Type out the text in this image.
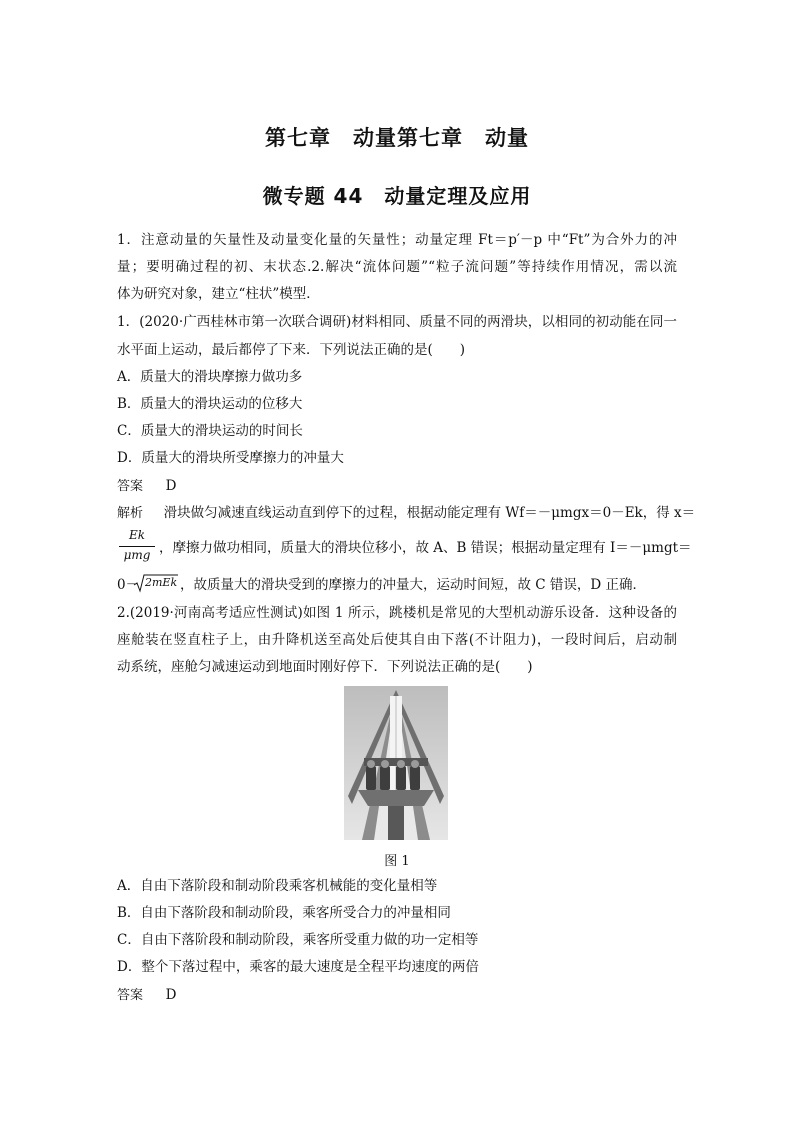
第七章　动量第七章　动量
微专题 44　动量定理及应用
1．注意动量的矢量性及动量变化量的矢量性；动量定理 Ft＝p′－p 中“Ft”为合外力的冲
量；要明确过程的初、末状态.2.解决“流体问题”“粒子流问题”等持续作用情况，需以流
体为研究对象，建立“柱状”模型．
1．(2020·广西桂林市第一次联合调研)材料相同、质量不同的两滑块，以相同的初动能在同一
水平面上运动，最后都停了下来．下列说法正确的是(　　)
A．质量大的滑块摩擦力做功多
B．质量大的滑块运动的位移大
C．质量大的滑块运动的时间长
D．质量大的滑块所受摩擦力的冲量大
答案 D
解析 滑块做匀减速直线运动直到停下的过程，根据动能定理有 Wf＝－μmgx＝0－Ek，得 x＝
Ek
μmg ，摩擦力做功相同，质量大的滑块位移小，故 A、B 错误；根据动量定理有 I＝－μmgt＝
0－ 2mEk ，故质量大的滑块受到的摩擦力的冲量大，运动时间短，故 C 错误，D 正确．
2.(2019·河南高考适应性测试)如图 1 所示，跳楼机是常见的大型机动游乐设备．这种设备的
座舱装在竖直柱子上，由升降机送至高处后使其自由下落(不计阻力)，一段时间后，启动制
动系统，座舱匀减速运动到地面时刚好停下．下列说法正确的是(　　)
图 1
A．自由下落阶段和制动阶段乘客机械能的变化量相等
B．自由下落阶段和制动阶段，乘客所受合力的冲量相同
C．自由下落阶段和制动阶段，乘客所受重力做的功一定相等
D．整个下落过程中，乘客的最大速度是全程平均速度的两倍
答案 D
